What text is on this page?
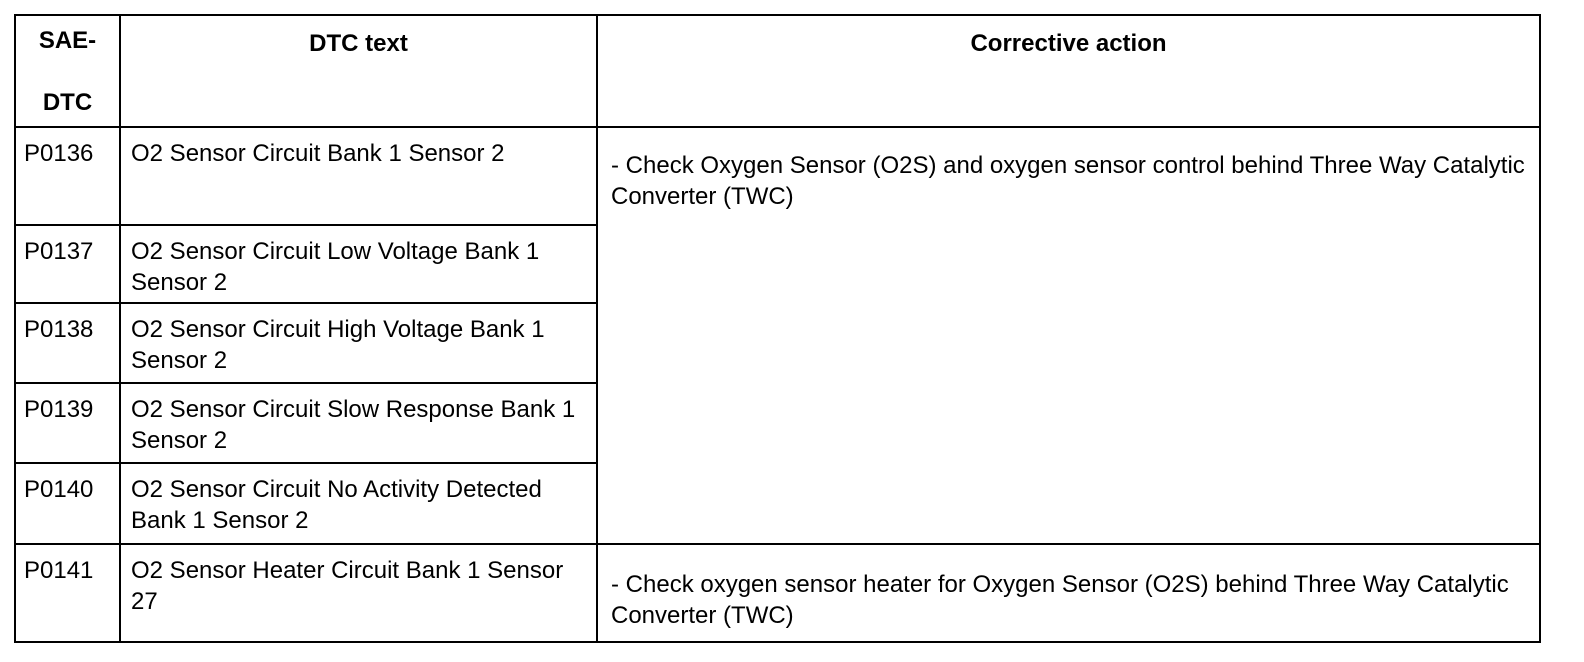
SAE-
DTC	DTC text	Corrective action

P0136	O2 Sensor Circuit Bank 1 Sensor 2	- Check Oxygen Sensor (O2S) and oxygen sensor control behind Three Way Catalytic Converter (TWC)
P0137	O2 Sensor Circuit Low Voltage Bank 1 Sensor 2	
P0138	O2 Sensor Circuit High Voltage Bank 1 Sensor 2	
P0139	O2 Sensor Circuit Slow Response Bank 1 Sensor 2	
P0140	O2 Sensor Circuit No Activity Detected Bank 1 Sensor 2	
P0141	O2 Sensor Heater Circuit Bank 1 Sensor 27	- Check oxygen sensor heater for Oxygen Sensor (O2S) behind Three Way Catalytic Converter (TWC)
